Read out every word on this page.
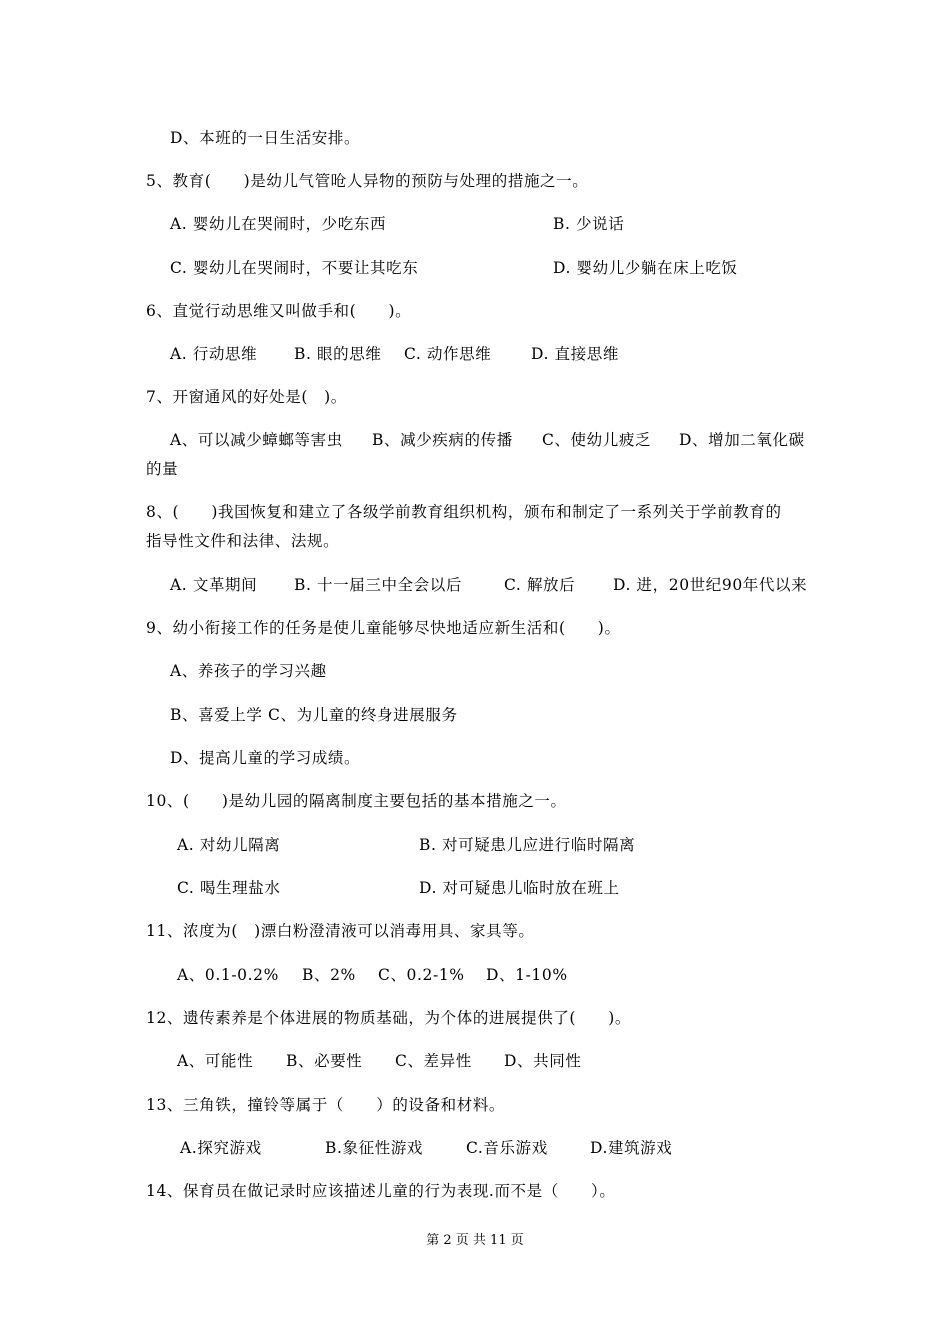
D、本班的一日生活安排。
5、教育(　　)是幼儿气管呛人异物的预防与处理的措施之一。
A. 婴幼儿在哭闹时，少吃东西	B. 少说话
C. 婴幼儿在哭闹时，不要让其吃东	D. 婴幼儿少躺在床上吃饭
6、直觉行动思维又叫做手和(　　)。
A. 行动思维 B. 眼的思维 C. 动作思维	D. 直接思维
7、开窗通风的好处是(　)。
A、可以减少蟑螂等害虫 B、减少疾病的传播 C、使幼儿疲乏 D、增加二氧化碳
的量
8、(　　)我国恢复和建立了各级学前教育组织机构，颁布和制定了一系列关于学前教育的
指导性文件和法律、法规。
A. 文革期间 B. 十一届三中全会以后	C. 解放后 D. 进，20世纪90年代以来
9、幼小衔接工作的任务是使儿童能够尽快地适应新生活和(　　)。
A、养孩子的学习兴趣
B、喜爱上学 C、为儿童的终身进展服务
D、提高儿童的学习成绩。
10、(　　)是幼儿园的隔离制度主要包括的基本措施之一。
A. 对幼儿隔离	B. 对可疑患儿应进行临时隔离
C. 喝生理盐水	D. 对可疑患儿临时放在班上
11、浓度为(　)漂白粉澄清液可以消毒用具、家具等。
A、0.1-0.2% B、2% C、0.2-1% D、1-10%
12、遗传素养是个体进展的物质基础，为个体的进展提供了(　　)。
A、可能性 B、必要性 C、差异性 D、共同性
13、三角铁，撞铃等属于（　　）的设备和材料。
A.探究游戏	B.象征性游戏	C.音乐游戏	D.建筑游戏
14、保育员在做记录时应该描述儿童的行为表现.而不是（　　）。
第 2 页 共 11 页
